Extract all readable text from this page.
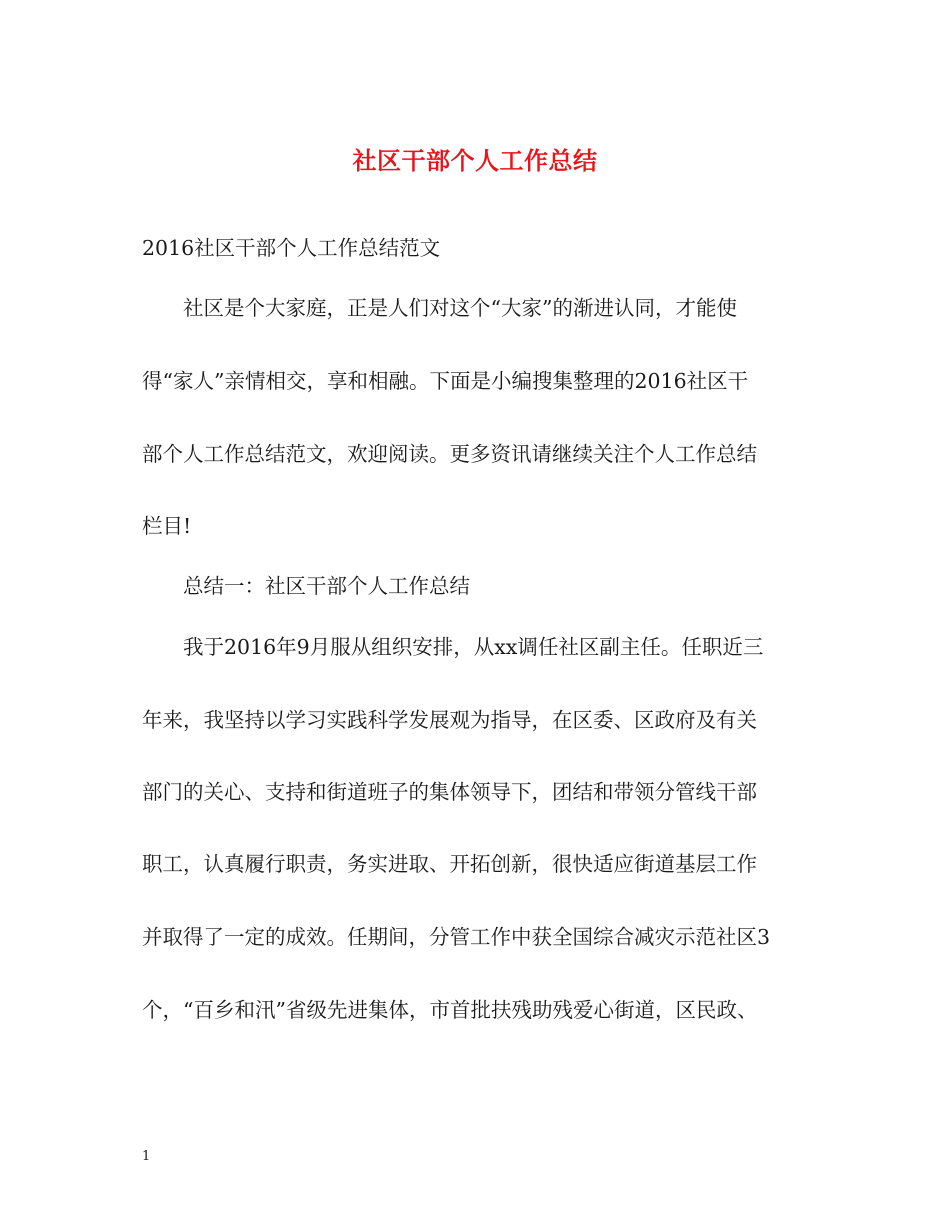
社区干部个人工作总结
2016社区干部个人工作总结范文
社区是个大家庭，正是人们对这个“大家”的渐进认同，才能使
得“家人”亲情相交，享和相融。下面是小编搜集整理的2016社区干
部个人工作总结范文，欢迎阅读。更多资讯请继续关注个人工作总结
栏目!
总结一：社区干部个人工作总结
我于2016年9月服从组织安排，从xx调任社区副主任。任职近三
年来，我坚持以学习实践科学发展观为指导，在区委、区政府及有关
部门的关心、支持和街道班子的集体领导下，团结和带领分管线干部
职工，认真履行职责，务实进取、开拓创新，很快适应街道基层工作
并取得了一定的成效。任期间，分管工作中获全国综合减灾示范社区3
个，“百乡和汛”省级先进集体，市首批扶残助残爱心街道，区民政、
1
